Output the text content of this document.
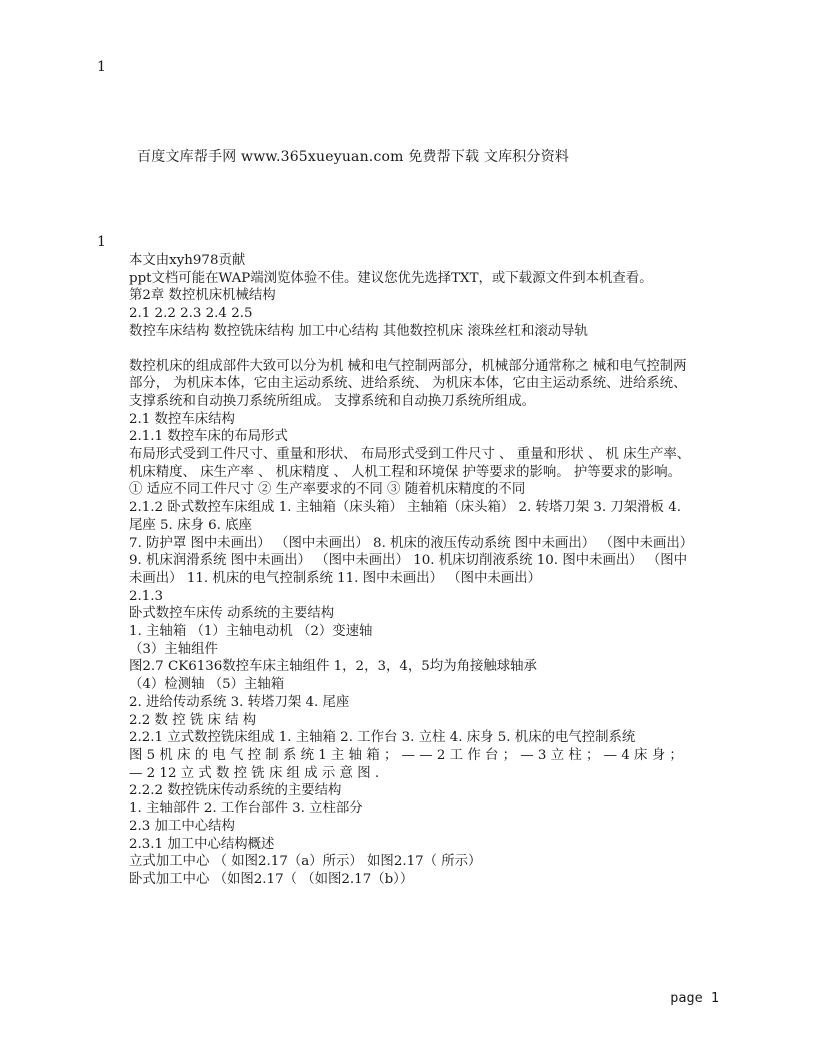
1
百度文库帮手网 www.365xueyuan.com 免费帮下载 文库积分资料
1

本文由xyh978贡献

ppt文档可能在WAP端浏览体验不佳。建议您优先选择TXT，或下载源文件到本机查看。

第2章 数控机床机械结构

2.1 2.2 2.3 2.4 2.5

数控车床结构 数控铣床结构 加工中心结构 其他数控机床 滚珠丝杠和滚动导轨

数控机床的组成部件大致可以分为机 械和电气控制两部分，机械部分通常称之 械和电气控制两部分， 为机床本体，它由主运动系统、进给系统、 为机床本体，它由主运动系统、进给系统、 支撑系统和自动换刀系统所组成。 支撑系统和自动换刀系统所组成。

2.1 数控车床结构

2.1.1 数控车床的布局形式

布局形式受到工件尺寸、重量和形状、 布局形式受到工件尺寸 、 重量和形状 、 机 床生产率、机床精度、 床生产率 、 机床精度 、 人机工程和环境保 护等要求的影响。 护等要求的影响。 ① 适应不同工件尺寸 ② 生产率要求的不同 ③ 随着机床精度的不同

2.1.2 卧式数控车床组成 1. 主轴箱（床头箱） 主轴箱（床头箱） 2. 转塔刀架 3. 刀架滑板 4. 尾座 5. 床身 6. 底座

7. 防护罩 图中未画出） （图中未画出） 8. 机床的液压传动系统 图中未画出） （图中未画出） 9. 机床润滑系统 图中未画出） （图中未画出） 10. 机床切削液系统 10. 图中未画出） （图中未画出） 11. 机床的电气控制系统 11. 图中未画出） （图中未画出）

2.1.3

卧式数控车床传 动系统的主要结构

1. 主轴箱 （1）主轴电动机 （2）变速轴

（3）主轴组件

图2.7 CK6136数控车床主轴组件 1，2，3，4，5均为角接触球轴承

（4）检测轴 （5）主轴箱

2. 进给传动系统 3. 转塔刀架 4. 尾座

2.2 数 控 铣 床 结 构

2.2.1 立式数控铣床组成 1. 主轴箱 2. 工作台 3. 立柱 4. 床身 5. 机床的电气控制系统

图 5 机 床 的 电 气 控 制 系 统 1 主 轴 箱 ； — — 2 工 作 台 ； — 3 立 柱 ； — 4 床 身 ； — 2 12 立 式 数 控 铣 床 组 成 示 意 图 .

2.2.2 数控铣床传动系统的主要结构

1. 主轴部件 2. 工作台部件 3. 立柱部分

2.3 加工中心结构

2.3.1 加工中心结构概述

立式加工中心 （ 如图2.17（a）所示） 如图2.17（ 所示）

卧式加工中心 （如图2.17（ （如图2.17（b））

page 1
